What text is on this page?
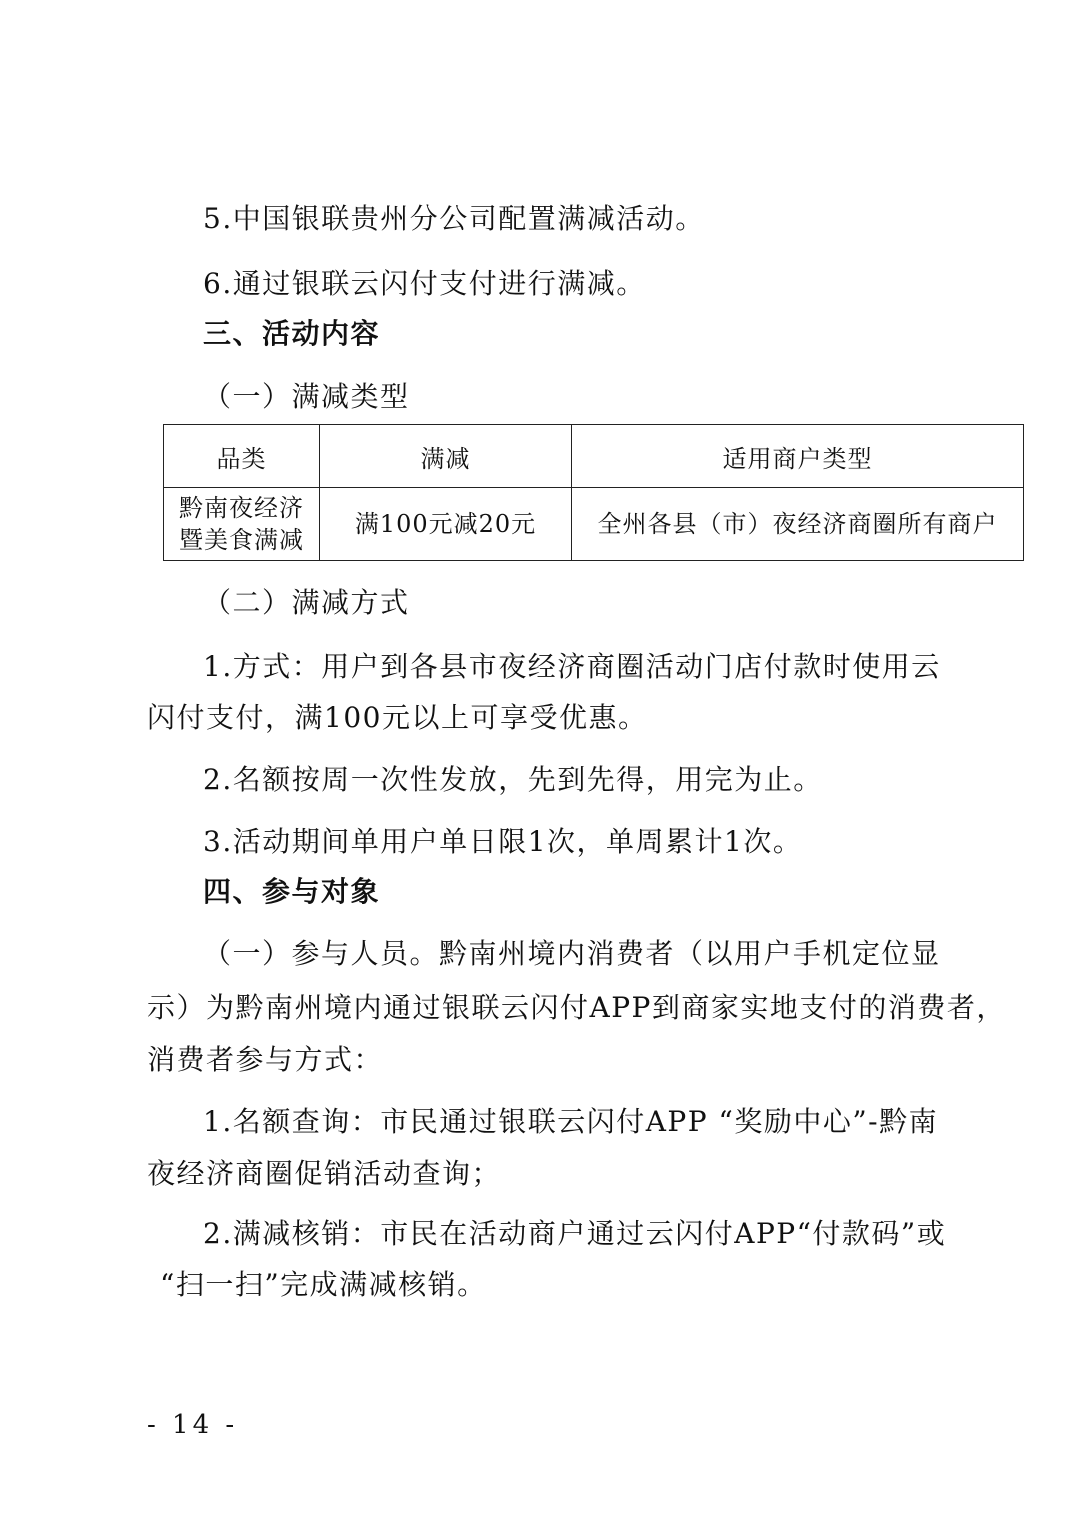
5.中国银联贵州分公司配置满减活动。
6.通过银联云闪付支付进行满减。
三、活动内容
（一）满减类型
品类	满减	适用商户类型

黔南夜经济
暨美食满减	满100元减20元	全州各县（市）夜经济商圈所有商户
（二）满减方式
1.方式：用户到各县市夜经济商圈活动门店付款时使用云
闪付支付，满100元以上可享受优惠。
2.名额按周一次性发放，先到先得，用完为止。
3.活动期间单用户单日限1次，单周累计1次。
四、参与对象
（一）参与人员。黔南州境内消费者（以用户手机定位显
示）为黔南州境内通过银联云闪付APP到商家实地支付的消费者，
消费者参与方式：
1.名额查询：市民通过银联云闪付APP “奖励中心”-黔南
夜经济商圈促销活动查询；
2.满减核销：市民在活动商户通过云闪付APP“付款码”或
“扫一扫”完成满减核销。
- 14 -
